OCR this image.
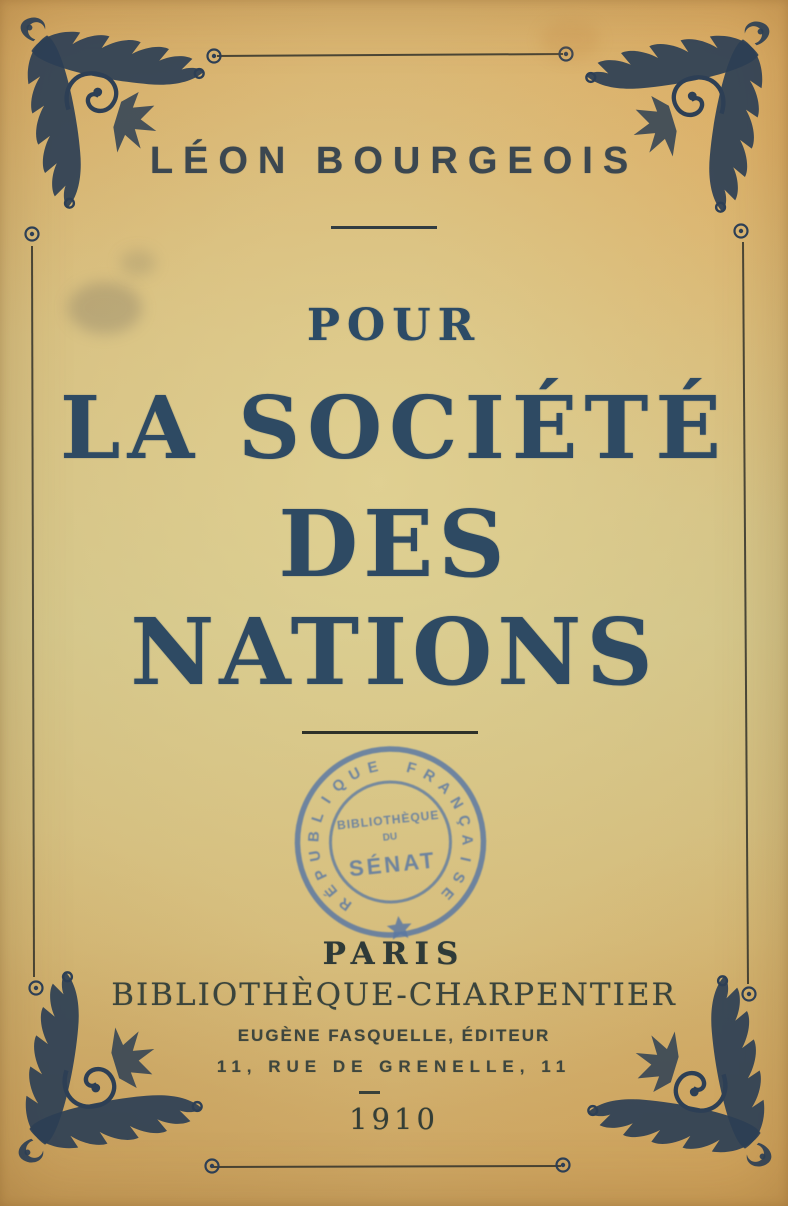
LÉON BOURGEOIS
POUR
LA SOCIÉTÉ
DES NATIONS
R
É
P
U
B
L
I
Q
U E F R
A
N
Ç
A
I
S
E
BIBLIOTHÈQUE
DU
SÉNAT
PARIS
BIBLIOTHÈQUE-CHARPENTIER
EUGÈNE FASQUELLE, ÉDITEUR
11, RUE DE GRENELLE, 11
1910
